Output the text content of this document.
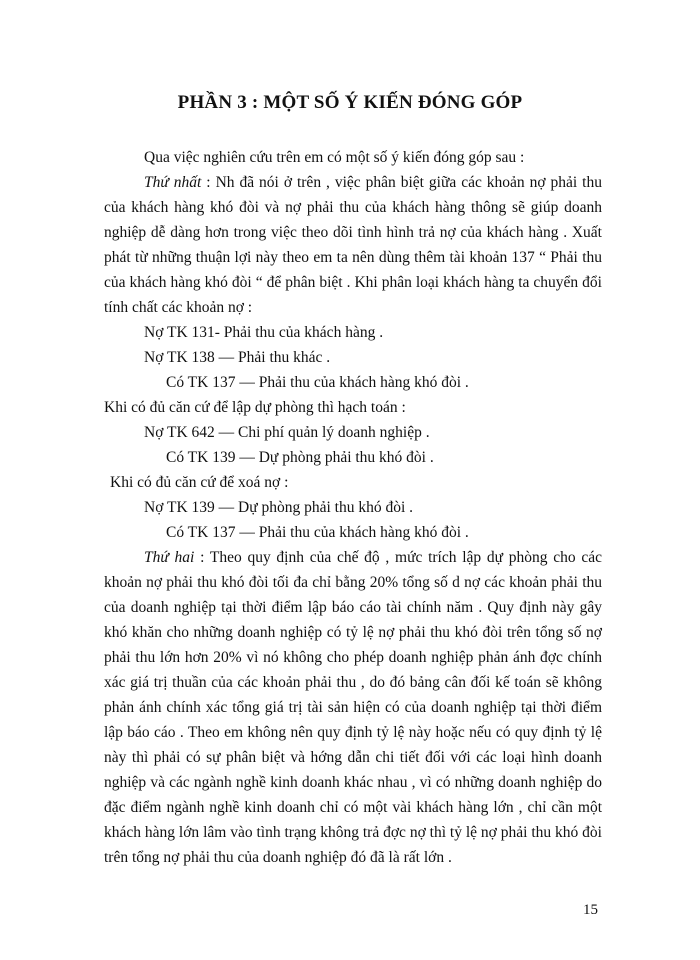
PHẦN 3 : MỘT SỐ Ý KIẾN ĐÓNG GÓP

Qua việc nghiên cứu trên em có một số ý kiến đóng góp sau :

Thứ nhất : Nh đã nói ở trên , việc phân biệt giữa các khoản nợ phải thu của khách hàng khó đòi và nợ phải thu của khách hàng thông sẽ giúp doanh nghiệp dễ dàng hơn trong việc theo dõi tình hình trả nợ của khách hàng . Xuất phát từ những thuận lợi này theo em ta nên dùng thêm tài khoản 137 “ Phải thu của khách hàng khó đòi “ để phân biệt . Khi phân loại khách hàng ta chuyển đổi tính chất các khoản nợ :

Nợ TK 131- Phải thu của khách hàng .

Nợ TK 138 — Phải thu khác .

Có TK 137 — Phải thu của khách hàng khó đòi .

Khi có đủ căn cứ để lập dự phòng thì hạch toán :

Nợ TK 642 — Chi phí quản lý doanh nghiệp .

Có TK 139 — Dự phòng phải thu khó đòi .

Khi có đủ căn cứ để xoá nợ :

Nợ TK 139 — Dự phòng phải thu khó đòi .

Có TK 137 — Phải thu của khách hàng khó đòi .

Thứ hai : Theo quy định của chế độ , mức trích lập dự phòng cho các khoản nợ phải thu khó đòi tối đa chỉ bằng 20% tổng số d nợ các khoản phải thu của doanh nghiệp tại thời điểm lập báo cáo tài chính năm . Quy định này gây khó khăn cho những doanh nghiệp có tỷ lệ nợ phải thu khó đòi trên tổng số nợ phải thu lớn hơn 20% vì nó không cho phép doanh nghiệp phản ánh đợc chính xác giá trị thuần của các khoản phải thu , do đó bảng cân đối kế toán sẽ không phản ánh chính xác tổng giá trị tài sản hiện có của doanh nghiệp tại thời điểm lập báo cáo . Theo em không nên quy định tỷ lệ này hoặc nếu có quy định tỷ lệ này thì phải có sự phân biệt và hớng dẫn chi tiết đối với các loại hình doanh nghiệp và các ngành nghề kinh doanh khác nhau , vì có những doanh nghiệp do đặc điểm ngành nghề kinh doanh chỉ có một vài khách hàng lớn , chỉ cần một khách hàng lớn lâm vào tình trạng không trả đợc nợ thì tỷ lệ nợ phải thu khó đòi trên tổng nợ phải thu của doanh nghiệp đó đã là rất lớn .

15
